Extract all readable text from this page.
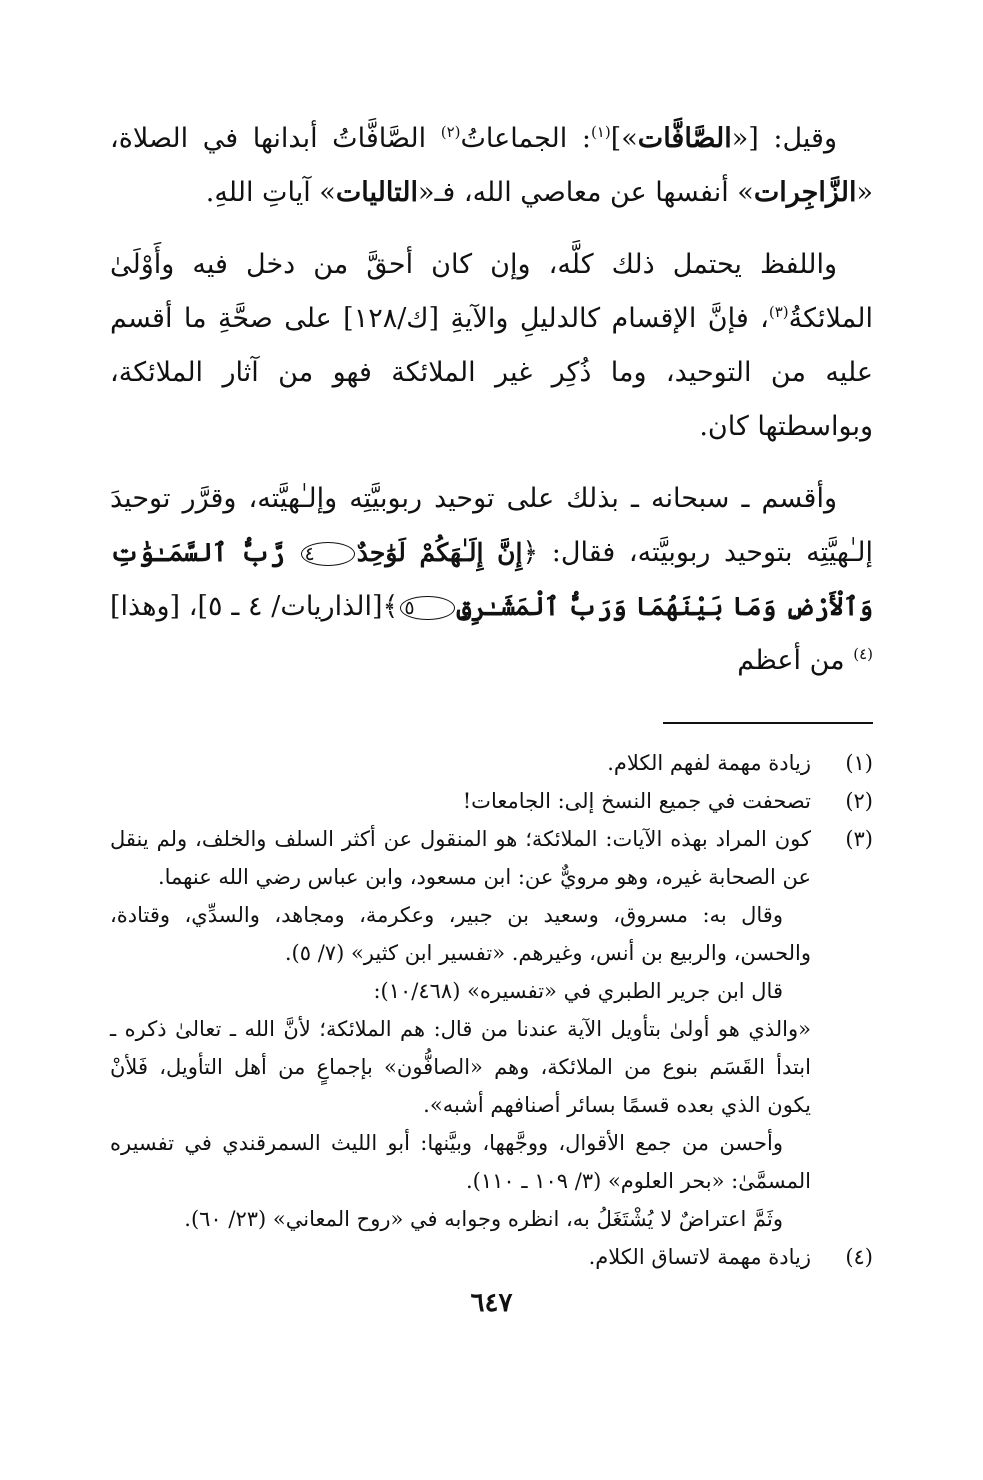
وقيل: [«الصَّافَّات»]$^{(١)}$: الجماعاتُ$^{(٢)}$ الصَّافَّاتُ أبدانها في الصلاة، «الزَّاجِرات» أنفسها عن معاصي الله، فـ«التاليات» آياتِ اللهِ.

واللفظ يحتمل ذلك كلَّه، وإن كان أحقَّ من دخل فيه وأَوْلَىٰ الملائكةُ$^{(٣)}$، فإنَّ الإقسام كالدليلِ والآيةِ [ك/١٢٨] على صحَّةِ ما أقسم عليه من التوحيد، وما ذُكِر غير الملائكة فهو من آثار الملائكة، وبواسطتها كان.

وأقسم ـ سبحانه ـ بذلك على توحيد ربوبيَّتِه وإلـٰهيَّته، وقرَّر توحيدَ إلـٰهيَّتِه بتوحيد ربوبيَّته، فقال: ﴿إِنَّ إِلَـٰهَكُمْ لَوَٰحِدٌ٤ رَّبُّ ٱلسَّمَـٰوَٰتِ وَٱلْأَرْضِ وَمَا بَيْنَهُمَا وَرَبُّ ٱلْمَشَـٰرِقِ٥﴾[الذاريات/ ٤ ـ ٥]، [وهذا]$^{(٤)}$ من أعظم

(١)
زيادة مهمة لفهم الكلام.

(٢)
تصحفت في جميع النسخ إلى: الجامعات!

(٣)
كون المراد بهذه الآيات: الملائكة؛ هو المنقول عن أكثر السلف والخلف، ولم ينقل عن الصحابة غيره، وهو مرويٌّ عن: ابن مسعود، وابن عباس رضي الله عنهما.

وقال به: مسروق، وسعيد بن جبير، وعكرمة، ومجاهد، والسدِّي، وقتادة، والحسن، والربيع بن أنس، وغيرهم. «تفسير ابن كثير» (٧/ ٥).

قال ابن جرير الطبري في «تفسيره» (١٠/٤٦٨):

«والذي هو أولىٰ بتأويل الآية عندنا من قال: هم الملائكة؛ لأنَّ الله ـ تعالىٰ ذكره ـ ابتدأ القَسَم بنوع من الملائكة، وهم «الصافُّون» بإجماعٍ من أهل التأويل، فَلأنْ يكون الذي بعده قسمًا بسائر أصنافهم أشبه».

وأحسن من جمع الأقوال، ووجَّهها، وبيَّنها: أبو الليث السمرقندي في تفسيره المسمَّىٰ: «بحر العلوم» (٣/ ١٠٩ ـ ١١٠).

وثَمَّ اعتراضٌ لا يُشْتَغَلُ به، انظره وجوابه في «روح المعاني» (٢٣/ ٦٠).

(٤)
زيادة مهمة لاتساق الكلام.

٦٤٧
